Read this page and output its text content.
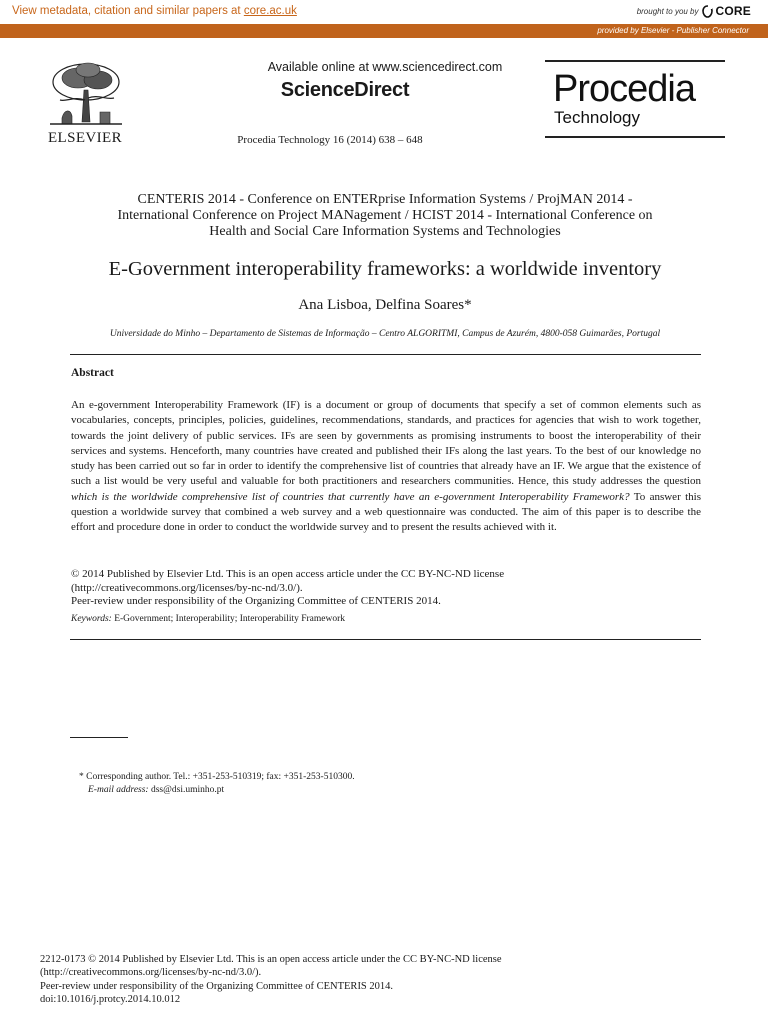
View metadata, citation and similar papers at core.ac.uk	brought to you by CORE
provided by Elsevier - Publisher Connector
ELSEVIER
Available online at www.sciencedirect.com
ScienceDirect
Procedia Technology 16 (2014) 638 – 648
Procedia
Technology
CENTERIS 2014 - Conference on ENTERprise Information Systems / ProjMAN 2014 -
International Conference on Project MANagement / HCIST 2014 - International Conference on
Health and Social Care Information Systems and Technologies
E-Government interoperability frameworks: a worldwide inventory
Ana Lisboa, Delfina Soares*
Universidade do Minho – Departamento de Sistemas de Informação – Centro ALGORITMI, Campus de Azurém, 4800-058 Guimarães, Portugal
Abstract
An e-government Interoperability Framework (IF) is a document or group of documents that specify a set of common elements such as vocabularies, concepts, principles, policies, guidelines, recommendations, standards, and practices for agencies that wish to work together, towards the joint delivery of public services. IFs are seen by governments as promising instruments to boost the interoperability of their services and systems. Henceforth, many countries have created and published their IFs along the last years. To the best of our knowledge no study has been carried out so far in order to identify the comprehensive list of countries that already have an IF. We argue that the existence of such a list would be very useful and valuable for both practitioners and researchers communities. Hence, this study addresses the question which is the worldwide comprehensive list of countries that currently have an e-government Interoperability Framework? To answer this question a worldwide survey that combined a web survey and a web questionnaire was conducted. The aim of this paper is to describe the effort and procedure done in order to conduct the worldwide survey and to present the results achieved with it.
© 2014 Published by Elsevier Ltd. This is an open access article under the CC BY-NC-ND license
(http://creativecommons.org/licenses/by-nc-nd/3.0/).
Peer-review under responsibility of the Organizing Committee of CENTERIS 2014.
Keywords: E-Government; Interoperability; Interoperability Framework
* Corresponding author. Tel.: +351-253-510319; fax: +351-253-510300.
E-mail address: dss@dsi.uminho.pt
2212-0173 © 2014 Published by Elsevier Ltd. This is an open access article under the CC BY-NC-ND license
(http://creativecommons.org/licenses/by-nc-nd/3.0/).
Peer-review under responsibility of the Organizing Committee of CENTERIS 2014.
doi:10.1016/j.protcy.2014.10.012
